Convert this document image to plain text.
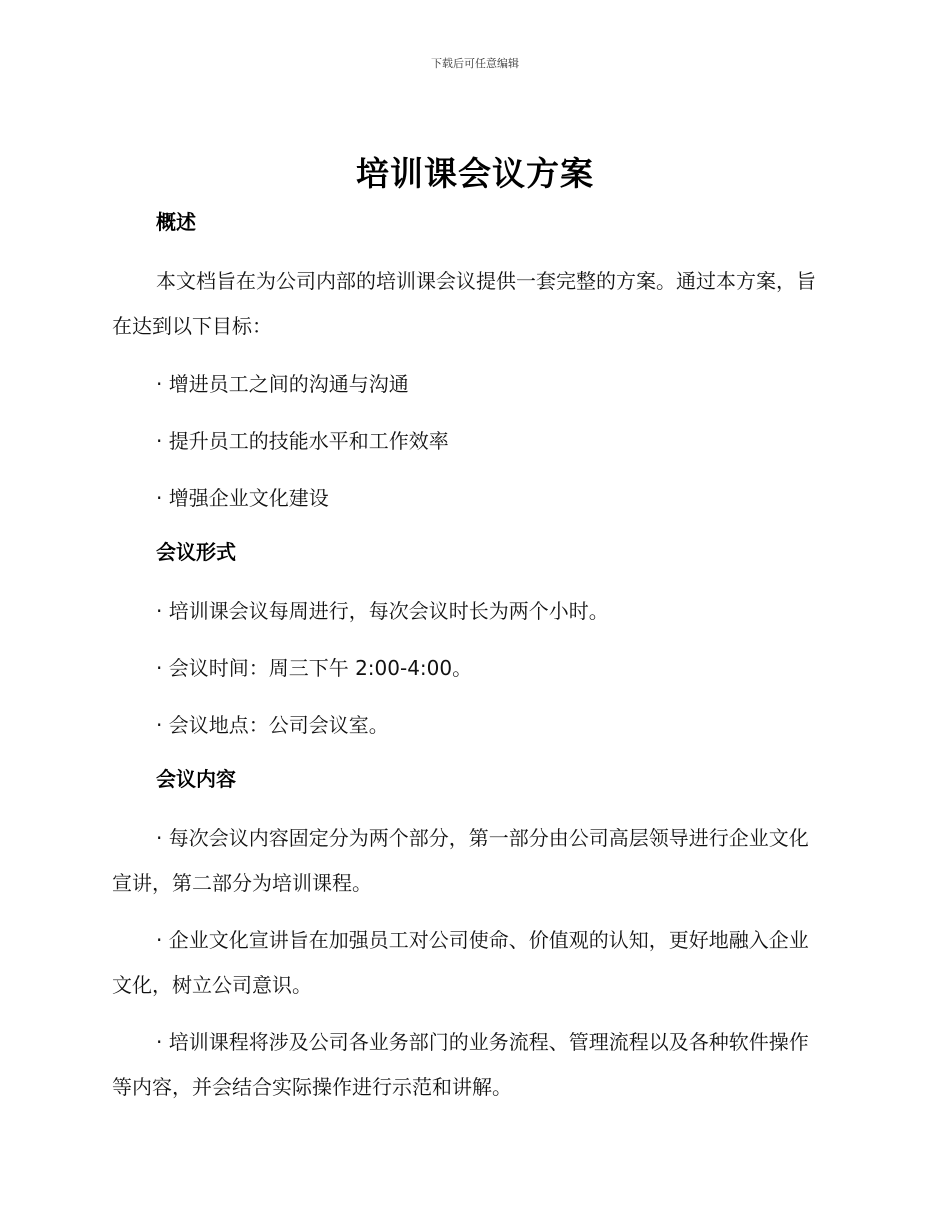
下载后可任意编辑
培训课会议方案
概述
本文档旨在为公司内部的培训课会议提供一套完整的方案。通过本方案，旨在达到以下目标：
· 增进员工之间的沟通与沟通
· 提升员工的技能水平和工作效率
· 增强企业文化建设
会议形式
· 培训课会议每周进行，每次会议时长为两个小时。
· 会议时间：周三下午 2:00-4:00。
· 会议地点：公司会议室。
会议内容
· 每次会议内容固定分为两个部分，第一部分由公司高层领导进行企业文化宣讲，第二部分为培训课程。
· 企业文化宣讲旨在加强员工对公司使命、价值观的认知，更好地融入企业文化，树立公司意识。
· 培训课程将涉及公司各业务部门的业务流程、管理流程以及各种软件操作等内容，并会结合实际操作进行示范和讲解。
